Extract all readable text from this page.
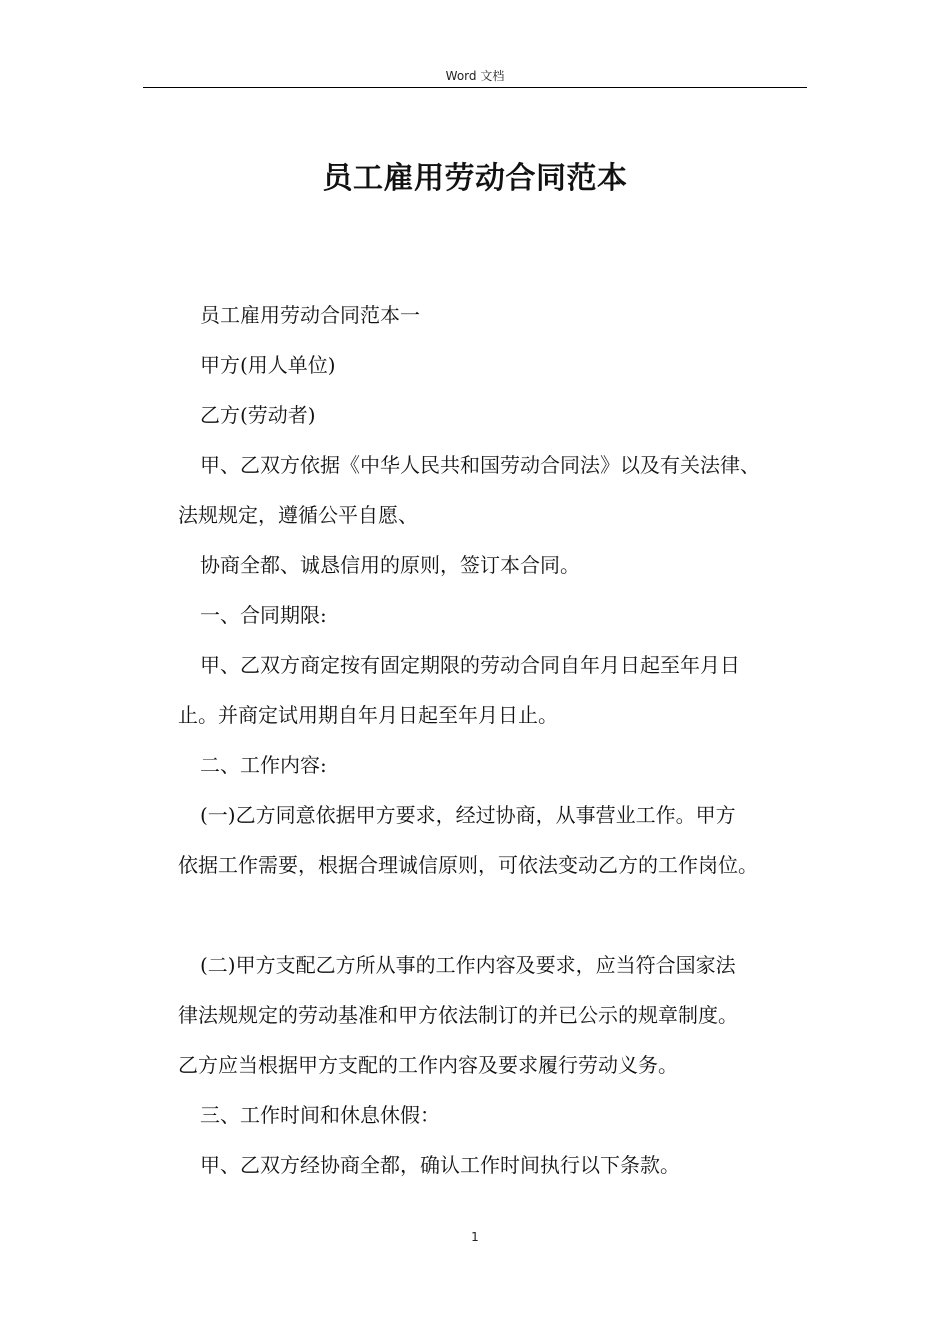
Word 文档
员工雇用劳动合同范本

员工雇用劳动合同范本一

甲方(用人单位)

乙方(劳动者)

甲、乙双方依据《中华人民共和国劳动合同法》以及有关法律、

法规规定，遵循公平自愿、

协商全都、诚恳信用的原则，签订本合同。

一、合同期限:

甲、乙双方商定按有固定期限的劳动合同自年月日起至年月日

止。并商定试用期自年月日起至年月日止。

二、工作内容:

(一)乙方同意依据甲方要求，经过协商，从事营业工作。甲方

依据工作需要，根据合理诚信原则，可依法变动乙方的工作岗位。

(二)甲方支配乙方所从事的工作内容及要求，应当符合国家法

律法规规定的劳动基准和甲方依法制订的并已公示的规章制度。

乙方应当根据甲方支配的工作内容及要求履行劳动义务。

三、工作时间和休息休假：

甲、乙双方经协商全都，确认工作时间执行以下条款。

1
